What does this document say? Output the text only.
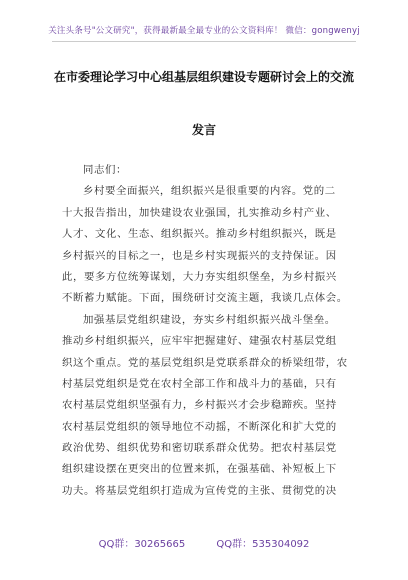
关注头条号"公文研究"，获得最新最全最专业的公文资料库！ 微信：gongwenyj
在市委理论学习中心组基层组织建设专题研讨会上的交流
发言
同志们：
乡村要全面振兴，组织振兴是很重要的内容。党的二
十大报告指出，加快建设农业强国，扎实推动乡村产业、
人才、文化、生态、组织振兴。推动乡村组织振兴，既是
乡村振兴的目标之一，也是乡村实现振兴的支持保证。因
此，要多方位统筹谋划，大力夯实组织堡垒，为乡村振兴
不断蓄力赋能。下面，围绕研讨交流主题，我谈几点体会。
加强基层党组织建设，夯实乡村组织振兴战斗堡垒。
推动乡村组织振兴，应牢牢把握建好、建强农村基层党组
织这个重点。党的基层党组织是党联系群众的桥梁纽带，农
村基层党组织是党在农村全部工作和战斗力的基础，只有
农村基层党组织坚强有力，乡村振兴才会步稳蹄疾。坚持
农村基层党组织的领导地位不动摇，不断深化和扩大党的
政治优势、组织优势和密切联系群众优势。把农村基层党
组织建设摆在更突出的位置来抓，在强基础、补短板上下
功夫。将基层党组织打造成为宣传党的主张、贯彻党的决
QQ群：30265665	QQ群：535304092
